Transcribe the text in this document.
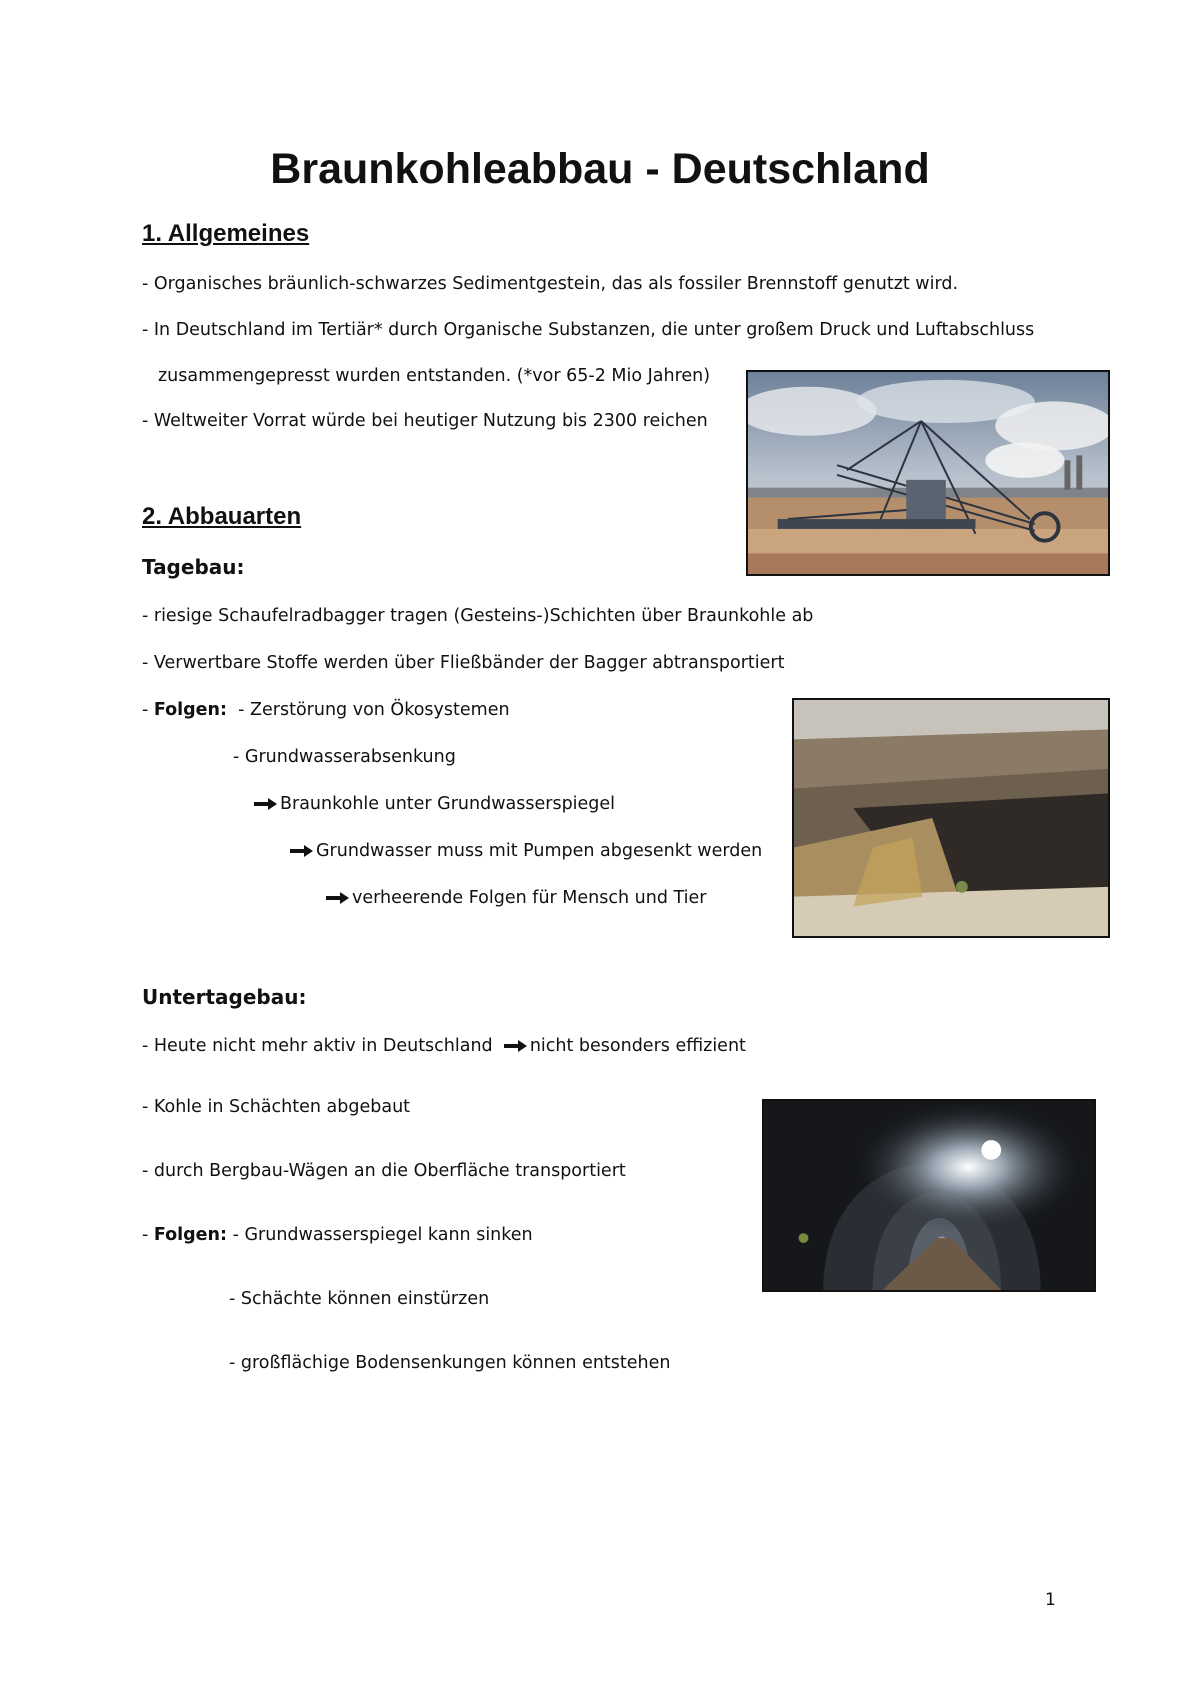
Braunkohleabbau - Deutschland
1. Allgemeines
- Organisches bräunlich-schwarzes Sedimentgestein, das als fossiler Brennstoff genutzt wird.
- In Deutschland im Tertiär* durch Organische Substanzen, die unter großem Druck und Luftabschluss
zusammengepresst wurden entstanden. (*vor 65-2 Mio Jahren)
- Weltweiter Vorrat würde bei heutiger Nutzung bis 2300 reichen
2. Abbauarten
Tagebau:
- riesige Schaufelradbagger tragen (Gesteins-)Schichten über Braunkohle ab
- Verwertbare Stoffe werden über Fließbänder der Bagger abtransportiert
- Folgen: - Zerstörung von Ökosystemen
- Grundwasserabsenkung
Braunkohle unter Grundwasserspiegel
Grundwasser muss mit Pumpen abgesenkt werden
verheerende Folgen für Mensch und Tier
Untertagebau:
- Heute nicht mehr aktiv in Deutschland nicht besonders effizient
- Kohle in Schächten abgebaut
- durch Bergbau-Wägen an die Oberfläche transportiert
- Folgen: - Grundwasserspiegel kann sinken
- Schächte können einstürzen
- großflächige Bodensenkungen können entstehen
1
